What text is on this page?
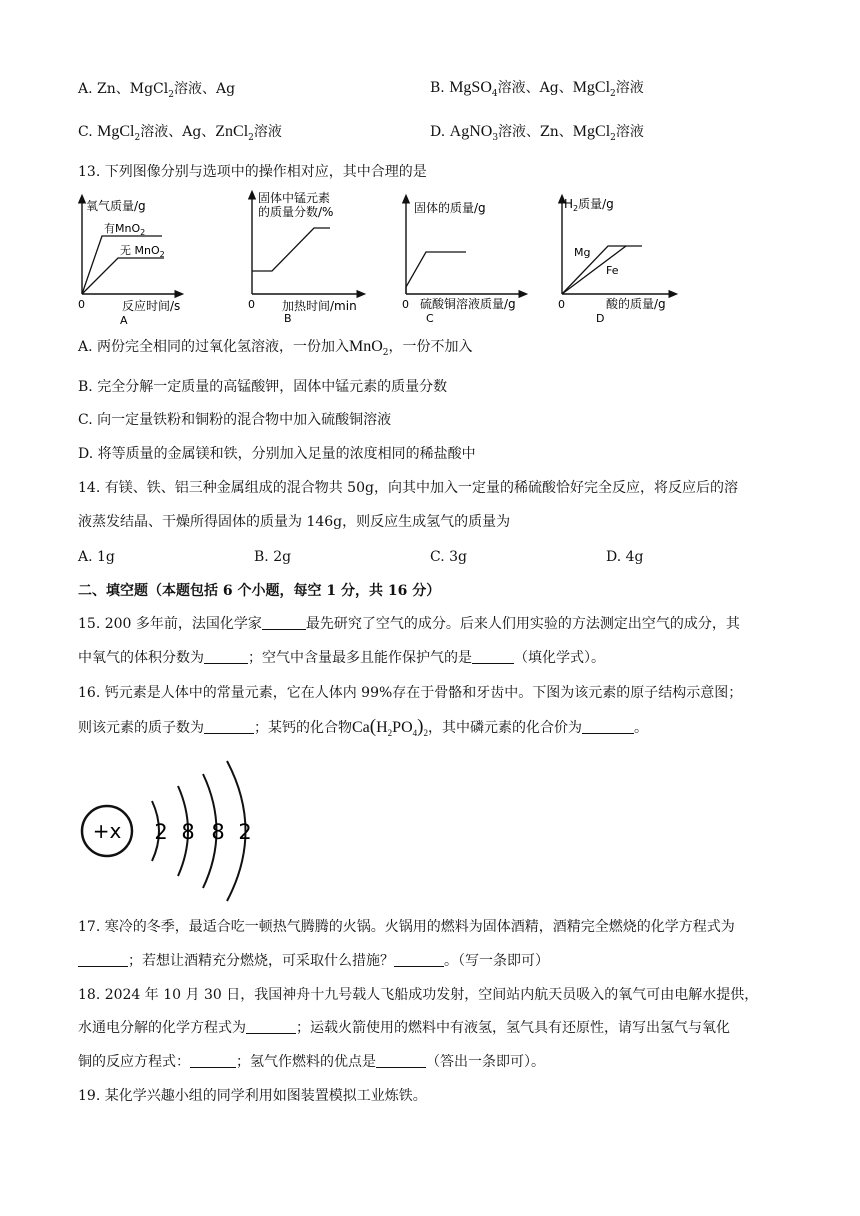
A. Zn、MgCl$_2$溶液、Ag	B. MgSO$_4$溶液、Ag、MgCl$_2$溶液
C. MgCl$_2$溶液、Ag、ZnCl$_2$溶液	D. AgNO$_3$溶液、Zn、MgCl$_2$溶液
13. 下列图像分别与选项中的操作相对应，其中合理的是
氧气质量/g
有MnO$_2$
无 MnO$_2$
0	反应时间/s
A
固体中锰元素
的质量分数/%
0 加热时间/min
B
固体的质量/g
0 硫酸铜溶液质量/g
C
$H_2$质量/g
Mg
Fe
0	酸的质量/g
D
A. 两份完全相同的过氧化氢溶液，一份加入MnO$_2$，一份不加入
B. 完全分解一定质量的高锰酸钾，固体中锰元素的质量分数
C. 向一定量铁粉和铜粉的混合物中加入硫酸铜溶液
D. 将等质量的金属镁和铁，分别加入足量的浓度相同的稀盐酸中
14. 有镁、铁、铝三种金属组成的混合物共 50g，向其中加入一定量的稀硫酸恰好完全反应，将反应后的溶
液蒸发结晶、干燥所得固体的质量为 146g，则反应生成氢气的质量为
A. 1g	B. 2g	C. 3g	D. 4g
二、填空题（本题包括 6 个小题，每空 1 分，共 16 分）
15. 200 多年前，法国化学家	最先研究了空气的成分。后来人们用实验的方法测定出空气的成分，其
中氧气的体积分数为	；空气中含量最多且能作保护气的是	（填化学式）。
16. 钙元素是人体中的常量元素，它在人体内 99%存在于骨骼和牙齿中。下图为该元素的原子结构示意图；
则该元素的质子数为	；某钙的化合物$Ca(H_2PO_4)_2$，其中磷元素的化合价为	。
+x 2 8 8 2
17. 寒冷的冬季，最适合吃一顿热气腾腾的火锅。火锅用的燃料为固体酒精，酒精完全燃烧的化学方程式为
；若想让酒精充分燃烧，可采取什么措施？	。（写一条即可）
18. 2024 年 10 月 30 日，我国神舟十九号载人飞船成功发射，空间站内航天员吸入的氧气可由电解水提供，
水通电分解的化学方程式为	；运载火箭使用的燃料中有液氢，氢气具有还原性，请写出氢气与氧化
铜的反应方程式：	；氢气作燃料的优点是	（答出一条即可）。
19. 某化学兴趣小组的同学利用如图装置模拟工业炼铁。
